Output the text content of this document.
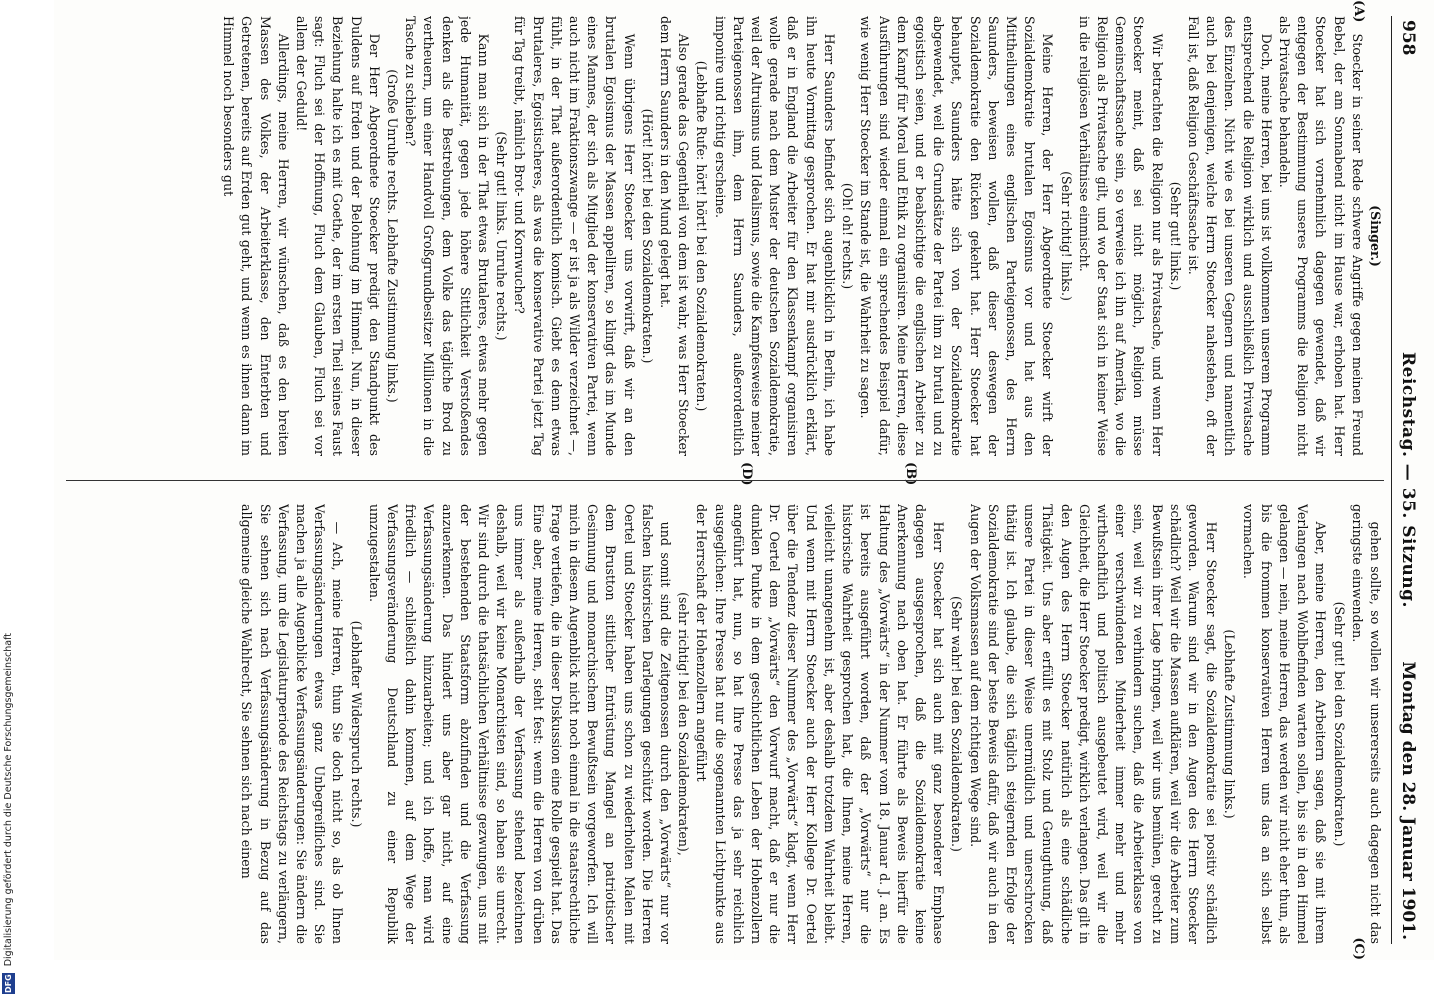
958
Reichstag. — 35. Sitzung.
Montag den 28. Januar 1901.
(A)
(B)
(C)
(D)

(Singer.)

Stoecker in seiner Rede schwere Angriffe gegen meinen Freund Bebel, der am Sonnabend nicht im Hause war, erhoben hat. Herr Stoecker hat sich vornehmlich dagegen gewendet, daß wir entgegen der Bestimmung unseres Programms die Religion nicht als Privatsache behandeln.

Doch, meine Herren, bei uns ist vollkommen unserem Programm entsprechend die Religion wirklich und ausschließlich Privatsache des Einzelnen. Nicht wie es bei unseren Gegnern und namentlich auch bei denjenigen, welche Herrn Stoecker nahestehen, oft der Fall ist, daß Religion Geschäftssache ist.

(Sehr gut! links.)

Wir betrachten die Religion nur als Privatsache, und wenn Herr Stoecker meint, daß sei nicht möglich, Religion müsse Gemeinschaftssache sein, so verweise ich ihn auf Amerika, wo die Religion als Privatsache gilt, und wo der Staat sich in keiner Weise in die religiösen Verhältnisse einmischt.

(Sehr richtig! links.)

Meine Herren, der Herr Abgeordnete Stoecker wirft der Sozialdemokratie brutalen Egoismus vor und hat aus den Mittheilungen eines englischen Parteigenossen, des Herrn Saunders, beweisen wollen, daß dieser deswegen der Sozialdemokratie den Rücken gekehrt hat. Herr Stoecker hat behauptet, Saunders hätte sich von der Sozialdemokratie abgewendet, weil die Grundsätze der Partei ihm zu brutal und zu egoistisch seien, und er beabsichtige die englischen Arbeiter zu dem Kampf für Moral und Ethik zu organisiren. Meine Herren, diese Ausführungen sind wieder einmal ein sprechendes Beispiel dafür, wie wenig Herr Stoecker im Stande ist, die Wahrheit zu sagen.

(Oh! oh! rechts.)

Herr Saunders befindet sich augenblicklich in Berlin, ich habe ihn heute Vormittag gesprochen. Er hat mir ausdrücklich erklärt, daß er in England die Arbeiter für den Klassenkampf organisiren wolle gerade nach dem Muster der deutschen Sozialdemokratie, weil der Altruismus und Idealismus, sowie die Kampfesweise meiner Parteigenossen ihm, dem Herrn Saunders, außerordentlich imponire und richtig erscheine.

(Lebhafte Rufe: hört! hört! bei den Sozialdemokraten.)

Also gerade das Gegentheil von dem ist wahr, was Herr Stoecker dem Herrn Saunders in den Mund gelegt hat.

(Hört! hört! bei den Sozialdemokraten.)

Wenn übrigens Herr Stoecker uns vorwirft, daß wir an den brutalen Egoismus der Massen appelliren, so klingt das im Munde eines Mannes, der sich als Mitglied der konservativen Partei, wenn auch nicht im Fraktionszwange — er ist ja als Wilder verzeichnet —, fühlt, in der That außerordentlich komisch. Giebt es denn etwas Brutaleres, Egoistischeres, als was die konservative Partei jetzt Tag für Tag treibt, nämlich Brot- und Kornwucher?

(Sehr gut! links. Unruhe rechts.)

Kann man sich in der That etwas Brutaleres, etwas mehr gegen jede Humanität, gegen jede höhere Sittlichkeit Verstoßendes denken als die Bestrebungen, dem Volke das tägliche Brod zu vertheuern, um einer Handvoll Großgrundbesitzer Millionen in die Tasche zu schieben?

(Große Unruhe rechts. Lebhafte Zustimmung links.)

Der Herr Abgeordnete Stoecker predigt den Standpunkt des Duldens auf Erden und der Belohnung im Himmel. Nun, in dieser Beziehung halte ich es mit Goethe, der im ersten Theil seines Faust sagt: Fluch sei der Hoffnung, Fluch dem Glauben, Fluch sei vor allem der Geduld!

Allerdings, meine Herren, wir wünschen, daß es den breiten Massen des Volkes, der Arbeiterklasse, den Enterbten und Getretenen, bereits auf Erden gut geht, und wenn es ihnen dann im Himmel noch besonders gut

gehen sollte, so wollen wir unsererseits auch dagegen nicht das geringste einwenden.

(Sehr gut! bei den Sozialdemokraten.)

Aber, meine Herren, den Arbeitern sagen, daß sie mit ihrem Verlangen nach Wohlbefinden warten sollen, bis sie in den Himmel gelangen — nein, meine Herren, das werden wir nicht eher thun, als bis die frommen konservativen Herren uns das an sich selbst vormachen.

(Lebhafte Zustimmung links.)

Herr Stoecker sagt, die Sozialdemokratie sei positiv schädlich geworden. Warum sind wir in den Augen des Herrn Stoecker schädlich? Weil wir die Massen aufklären, weil wir die Arbeiter zum Bewußtsein ihrer Lage bringen, weil wir uns bemühen, gerecht zu sein, weil wir zu verhindern suchen, daß die Arbeiterklasse von einer verschwindenden Minderheit immer mehr und mehr wirthschaftlich und politisch ausgebeutet wird, weil wir die Gleichheit, die Herr Stoecker predigt, wirklich verlangen. Das gilt in den Augen des Herrn Stoecker natürlich als eine schädliche Thätigkeit. Uns aber erfüllt es mit Stolz und Genugthuung, daß unsere Partei in dieser Weise unermüdlich und unerschrocken thätig ist. Ich glaube, die sich täglich steigernden Erfolge der Sozialdemokratie sind der beste Beweis dafür, daß wir auch in den Augen der Volksmassen auf dem richtigen Wege sind.

(Sehr wahr! bei den Sozialdemokraten.)

Herr Stoecker hat sich auch mit ganz besonderer Emphase dagegen ausgesprochen, daß die Sozialdemokratie keine Anerkennung nach oben hat. Er führte als Beweis hierfür die Haltung des „Vorwärts“ in der Nummer vom 18. Januar d. J. an. Es ist bereits ausgeführt worden, daß der „Vorwärts“ nur die historische Wahrheit gesprochen hat, die Ihnen, meine Herren, vielleicht unangenehm ist, aber deshalb trotzdem Wahrheit bleibt. Und wenn mit Herrn Stoecker auch der Herr Kollege Dr. Oertel über die Tendenz dieser Nummer des „Vorwärts“ klagt, wenn Herr Dr. Oertel dem „Vorwärts“ den Vorwurf macht, daß er nur die dunklen Punkte in dem geschichtlichen Leben der Hohenzollern angeführt hat, nun, so hat Ihre Presse das ja sehr reichlich ausgeglichen: Ihre Presse hat nur die sogenannten Lichtpunkte aus der Herrschaft der Hohenzollern angeführt

(sehr richtig! bei den Sozialdemokraten),

und somit sind die Zeitgenossen durch den „Vorwärts“ nur vor falschen historischen Darlegungen geschützt worden. Die Herren Oertel und Stoecker haben uns schon zu wiederholten Malen mit dem Brustton sittlicher Entrüstung Mangel an patriotischer Gesinnung und monarchischem Bewußtsein vorgeworfen. Ich will mich in diesem Augenblick nicht noch einmal in die staatsrechtliche Frage vertiefen, die in dieser Diskussion eine Rolle gespielt hat. Das Eine aber, meine Herren, steht fest: wenn die Herren von drüben uns immer als außerhalb der Verfassung stehend bezeichnen deshalb, weil wir keine Monarchisten sind, so haben sie unrecht. Wir sind durch die thatsächlichen Verhältnisse gezwungen, uns mit der bestehenden Staatsform abzufinden und die Verfassung anzuerkennen. Das hindert uns aber gar nicht, auf eine Verfassungsänderung hinzuarbeiten; und ich hoffe, man wird friedlich — schließlich dahin kommen, auf dem Wege der Verfassungsveränderung Deutschland zu einer Republik umzugestalten.

(Lebhafter Widerspruch rechts.)

— Ach, meine Herren, thun Sie doch nicht so, als ob Ihnen Verfassungsänderungen etwas ganz Unbegreifliches sind. Sie machen ja alle Augenblicke Verfassungsänderungen: Sie ändern die Verfassung, um die Legislaturperiode des Reichstags zu verlängern, Sie sehnen sich nach Verfassungsänderung in Bezug auf das allgemeine gleiche Wahlrecht, Sie sehnen sich nach einem

DFG Digitalisierung gefördert durch die Deutsche Forschungsgemeinschaft
